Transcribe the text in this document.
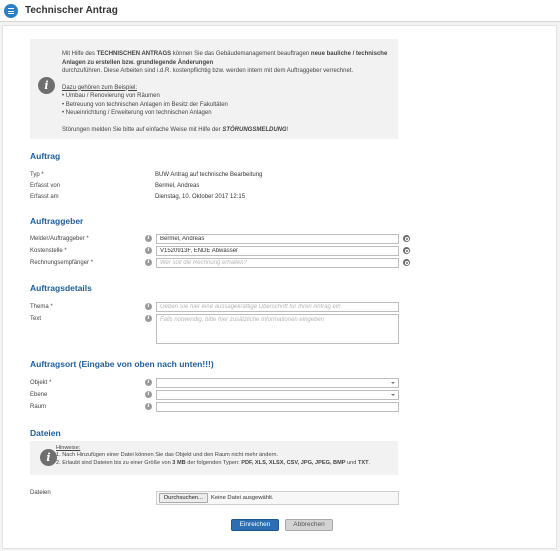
Technischer Antrag
i

Mit Hilfe des TECHNISCHEN ANTRAGS können Sie das Gebäudemanagement beauftragen neue bauliche / technische Anlagen zu erstellen bzw. grundlegende Änderungen

durchzuführen. Diese Arbeiten sind i.d.R. kostenpflichtig bzw. werden intern mit dem Auftraggeber verrechnet.

Dazu gehören zum Beispiel:

• Umbau / Renovierung von Räumen

• Betreuung von technischen Anlagen im Besitz der Fakultäten

• Neueinrichtung / Erweiterung von technischen Anlagen

Störungen melden Sie bitte auf einfache Weise mit Hilfe der STÖRUNGSMELDUNG!

Auftrag
Typ *	BUW Antrag auf technische Bearbeitung
Erfasst von	Bermel, Andreas
Erfasst am	Dienstag, 10. Oktober 2017 12:15
Auftraggeber
Melder/Auftraggeber *	i
Bermel, Andreas
Kostenstelle *	i
V1520913F, ENDE Abwässer
Rechnungsempfänger *	i
Wer soll die Rechnung erhalten?
Auftragsdetails
Thema *	i
Geben Sie hier eine aussagekräftige Überschrift für Ihren Antrag ein
Text	i
Falls notwendig, bitte hier zusätzliche Informationen eingeben
Auftragsort (Eingabe von oben nach unten!!!)
Objekt *	i
Ebene	i
Raum	i
Dateien
i
Hinweise:
1. Nach Hinzufügen einer Datei können Sie das Objekt und den Raum nicht mehr ändern.
2. Erlaubt sind Dateien bis zu einer Größe von 3 MB der folgenden Typen: PDF, XLS, XLSX, CSV, JPG, JPEG, BMP und TXT.
Dateien
Durchsuchen...	Keine Datei ausgewählt.
Einreichen	Abbrechen
